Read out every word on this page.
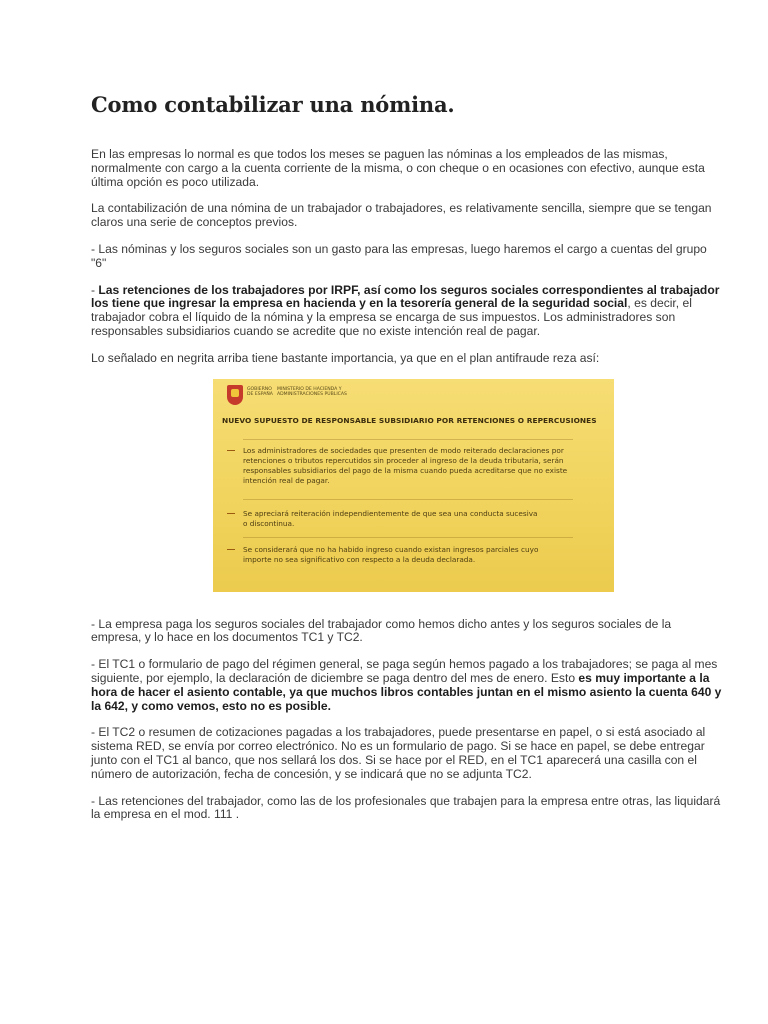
Como contabilizar una nómina.

En las empresas lo normal es que todos los meses se paguen las nóminas a los empleados de las mismas, normalmente con cargo a la cuenta corriente de la misma, o con cheque o en ocasiones con efectivo, aunque esta última opción es poco utilizada.

La contabilización de una nómina de un trabajador o trabajadores, es relativamente sencilla, siempre que se tengan claros una serie de conceptos previos.

- Las nóminas y los seguros sociales son un gasto para las empresas, luego haremos el cargo a cuentas del grupo "6"

- Las retenciones de los trabajadores por IRPF, así como los seguros sociales correspondientes al trabajador los tiene que ingresar la empresa en hacienda y en la tesorería general de la seguridad social, es decir, el trabajador cobra el líquido de la nómina y la empresa se encarga de sus impuestos. Los administradores son responsables subsidiarios cuando se acredite que no existe intención real de pagar.

Lo señalado en negrita arriba tiene bastante importancia, ya que en el plan antifraude reza así:

GOBIERNO DE ESPAÑA
MINISTERIO DE HACIENDA Y ADMINISTRACIONES PÚBLICAS
NUEVO SUPUESTO DE RESPONSABLE SUBSIDIARIO POR RETENCIONES O REPERCUSIONES
Los administradores de sociedades que presenten de modo reiterado declaraciones por retenciones o tributos repercutidos sin proceder al ingreso de la deuda tributaria, serán responsables subsidiarios del pago de la misma cuando pueda acreditarse que no existe intención real de pagar.
Se apreciará reiteración independientemente de que sea una conducta sucesiva o discontinua.
Se considerará que no ha habido ingreso cuando existan ingresos parciales cuyo importe no sea significativo con respecto a la deuda declarada.

- La empresa paga los seguros sociales del trabajador como hemos dicho antes y los seguros sociales de la empresa, y lo hace en los documentos TC1 y TC2.

- El TC1 o formulario de pago del régimen general, se paga según hemos pagado a los trabajadores; se paga al mes siguiente, por ejemplo, la declaración de diciembre se paga dentro del mes de enero. Esto es muy importante a la hora de hacer el asiento contable, ya que muchos libros contables juntan en el mismo asiento la cuenta 640 y la 642, y como vemos, esto no es posible.

- El TC2 o resumen de cotizaciones pagadas a los trabajadores, puede presentarse en papel, o si está asociado al sistema RED, se envía por correo electrónico. No es un formulario de pago. Si se hace en papel, se debe entregar junto con el TC1 al banco, que nos sellará los dos. Si se hace por el RED, en el TC1 aparecerá una casilla con el número de autorización, fecha de concesión, y se indicará que no se adjunta TC2.

- Las retenciones del trabajador, como las de los profesionales que trabajen para la empresa entre otras, las liquidará la empresa en el mod. 111 .
